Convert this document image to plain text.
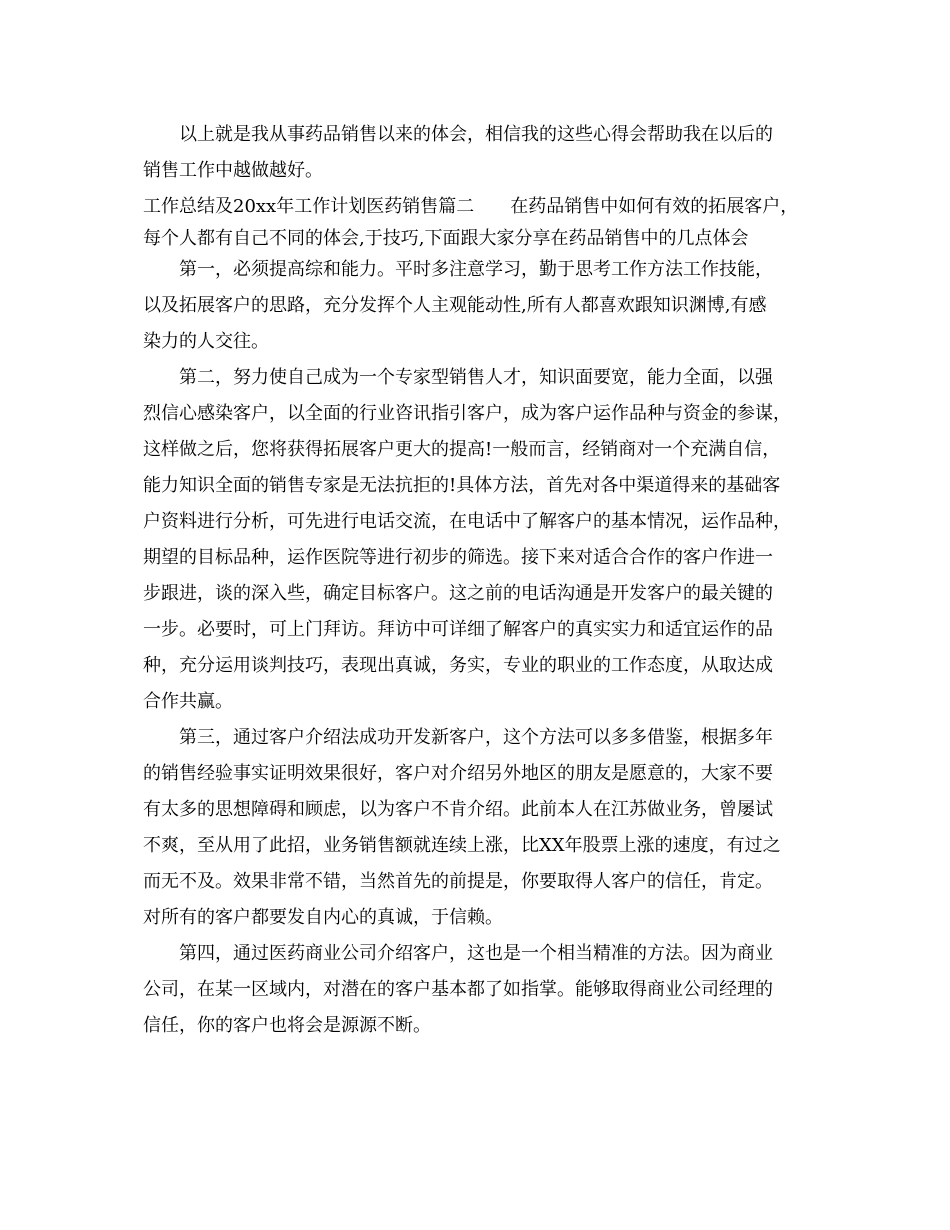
　　以上就是我从事药品销售以来的体会，相信我的这些心得会帮助我在以后的
销售工作中越做越好。
工作总结及20xx年工作计划医药销售篇二　　在药品销售中如何有效的拓展客户，
每个人都有自己不同的体会,于技巧,下面跟大家分享在药品销售中的几点体会
　　第一，必须提高综和能力。平时多注意学习，勤于思考工作方法工作技能，
以及拓展客户的思路，充分发挥个人主观能动性,所有人都喜欢跟知识渊博,有感
染力的人交往。
　　第二，努力使自己成为一个专家型销售人才，知识面要宽，能力全面，以强
烈信心感染客户，以全面的行业咨讯指引客户，成为客户运作品种与资金的参谋，
这样做之后，您将获得拓展客户更大的提高!一般而言，经销商对一个充满自信，
能力知识全面的销售专家是无法抗拒的!具体方法，首先对各中渠道得来的基础客
户资料进行分析，可先进行电话交流，在电话中了解客户的基本情况，运作品种，
期望的目标品种，运作医院等进行初步的筛选。接下来对适合合作的客户作进一
步跟进，谈的深入些，确定目标客户。这之前的电话沟通是开发客户的最关键的
一步。必要时，可上门拜访。拜访中可详细了解客户的真实实力和适宜运作的品
种，充分运用谈判技巧，表现出真诚，务实，专业的职业的工作态度，从取达成
合作共赢。
　　第三，通过客户介绍法成功开发新客户，这个方法可以多多借鉴，根据多年
的销售经验事实证明效果很好，客户对介绍另外地区的朋友是愿意的，大家不要
有太多的思想障碍和顾虑，以为客户不肯介绍。此前本人在江苏做业务，曾屡试
不爽，至从用了此招，业务销售额就连续上涨，比XX年股票上涨的速度，有过之
而无不及。效果非常不错，当然首先的前提是，你要取得人客户的信任，肯定。
对所有的客户都要发自内心的真诚，于信赖。
　　第四，通过医药商业公司介绍客户，这也是一个相当精准的方法。因为商业
公司，在某一区域内，对潜在的客户基本都了如指掌。能够取得商业公司经理的
信任，你的客户也将会是源源不断。
